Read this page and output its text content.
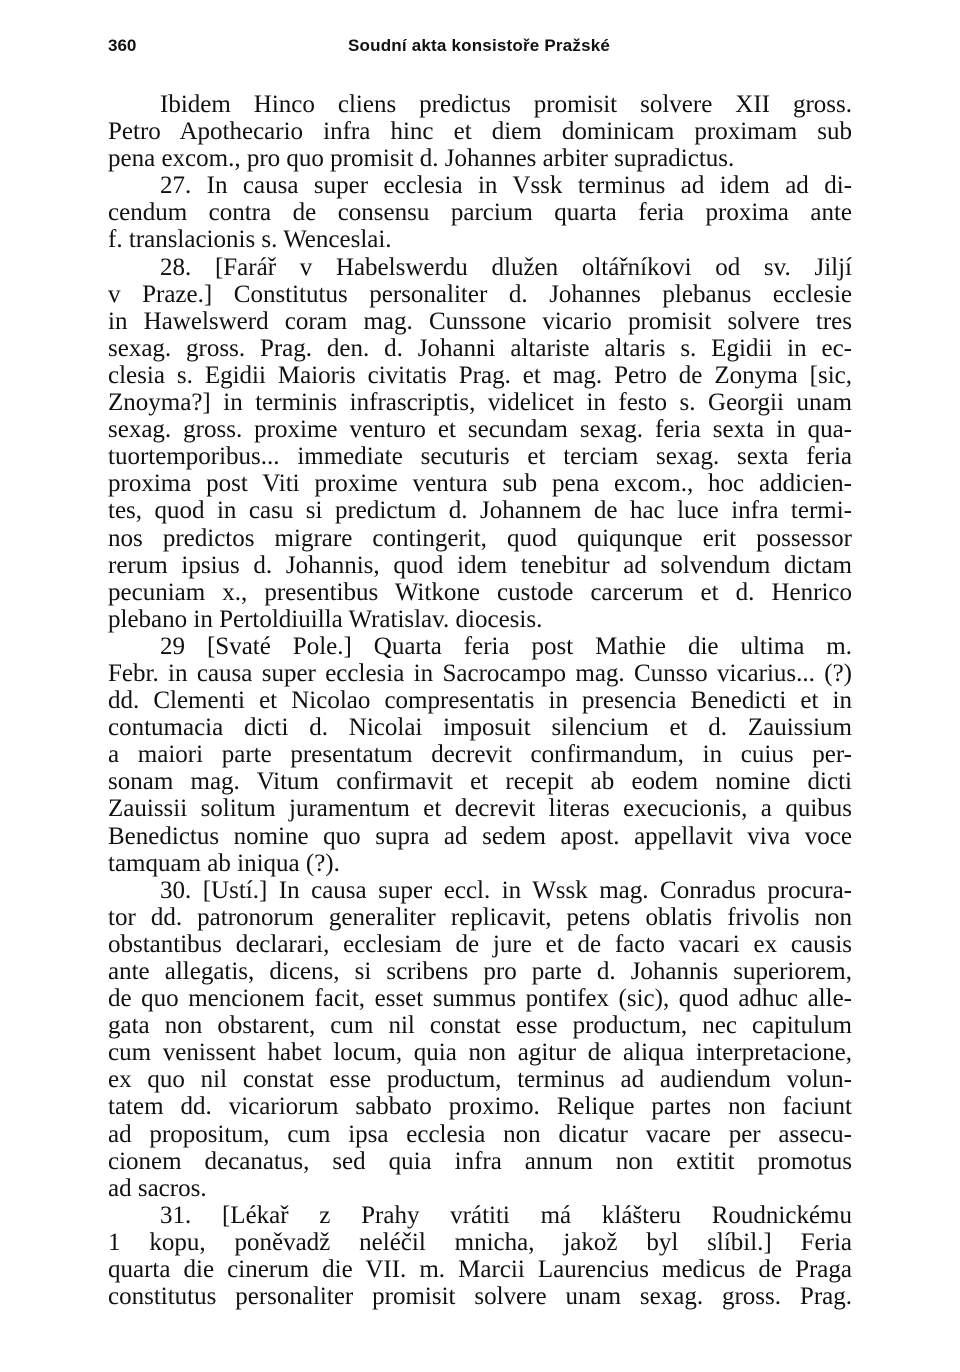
360	Soudní akta konsistoře Pražské
Ibidem Hinco cliens predictus promisit solvere XII gross.
Petro Apothecario infra hinc et diem dominicam proximam sub
pena excom., pro quo promisit d. Johannes arbiter supradictus.
27. In causa super ecclesia in Vssk terminus ad idem ad di-
cendum contra de consensu parcium quarta feria proxima ante
f. translacionis s. Wenceslai.
28. [Farář v Habelswerdu dlužen oltářníkovi od sv. Jiljí
v Praze.] Constitutus personaliter d. Johannes plebanus ecclesie
in Hawelswerd coram mag. Cunssone vicario promisit solvere tres
sexag. gross. Prag. den. d. Johanni altariste altaris s. Egidii in ec-
clesia s. Egidii Maioris civitatis Prag. et mag. Petro de Zonyma [sic,
Znoyma?] in terminis infrascriptis, videlicet in festo s. Georgii unam
sexag. gross. proxime venturo et secundam sexag. feria sexta in qua-
tuortemporibus... immediate secuturis et terciam sexag. sexta feria
proxima post Viti proxime ventura sub pena excom., hoc addicien-
tes, quod in casu si predictum d. Johannem de hac luce infra termi-
nos predictos migrare contingerit, quod quiqunque erit possessor
rerum ipsius d. Johannis, quod idem tenebitur ad solvendum dictam
pecuniam x., presentibus Witkone custode carcerum et d. Henrico
plebano in Pertoldiuilla Wratislav. diocesis.
29 [Svaté Pole.] Quarta feria post Mathie die ultima m.
Febr. in causa super ecclesia in Sacrocampo mag. Cunsso vicarius... (?)
dd. Clementi et Nicolao compresentatis in presencia Benedicti et in
contumacia dicti d. Nicolai imposuit silencium et d. Zauissium
a maiori parte presentatum decrevit confirmandum, in cuius per-
sonam mag. Vitum confirmavit et recepit ab eodem nomine dicti
Zauissii solitum juramentum et decrevit literas execucionis, a quibus
Benedictus nomine quo supra ad sedem apost. appellavit viva voce
tamquam ab iniqua (?).
30. [Ustí.] In causa super eccl. in Wssk mag. Conradus procura-
tor dd. patronorum generaliter replicavit, petens oblatis frivolis non
obstantibus declarari, ecclesiam de jure et de facto vacari ex causis
ante allegatis, dicens, si scribens pro parte d. Johannis superiorem,
de quo mencionem facit, esset summus pontifex (sic), quod adhuc alle-
gata non obstarent, cum nil constat esse productum, nec capitulum
cum venissent habet locum, quia non agitur de aliqua interpretacione,
ex quo nil constat esse productum, terminus ad audiendum volun-
tatem dd. vicariorum sabbato proximo. Relique partes non faciunt
ad propositum, cum ipsa ecclesia non dicatur vacare per assecu-
cionem decanatus, sed quia infra annum non extitit promotus
ad sacros.
31. [Lékař z Prahy vrátiti má klášteru Roudnickému
1 kopu, poněvadž neléčil mnicha, jakož byl slíbil.] Feria
quarta die cinerum die VII. m. Marcii Laurencius medicus de Praga
constitutus personaliter promisit solvere unam sexag. gross. Prag.
